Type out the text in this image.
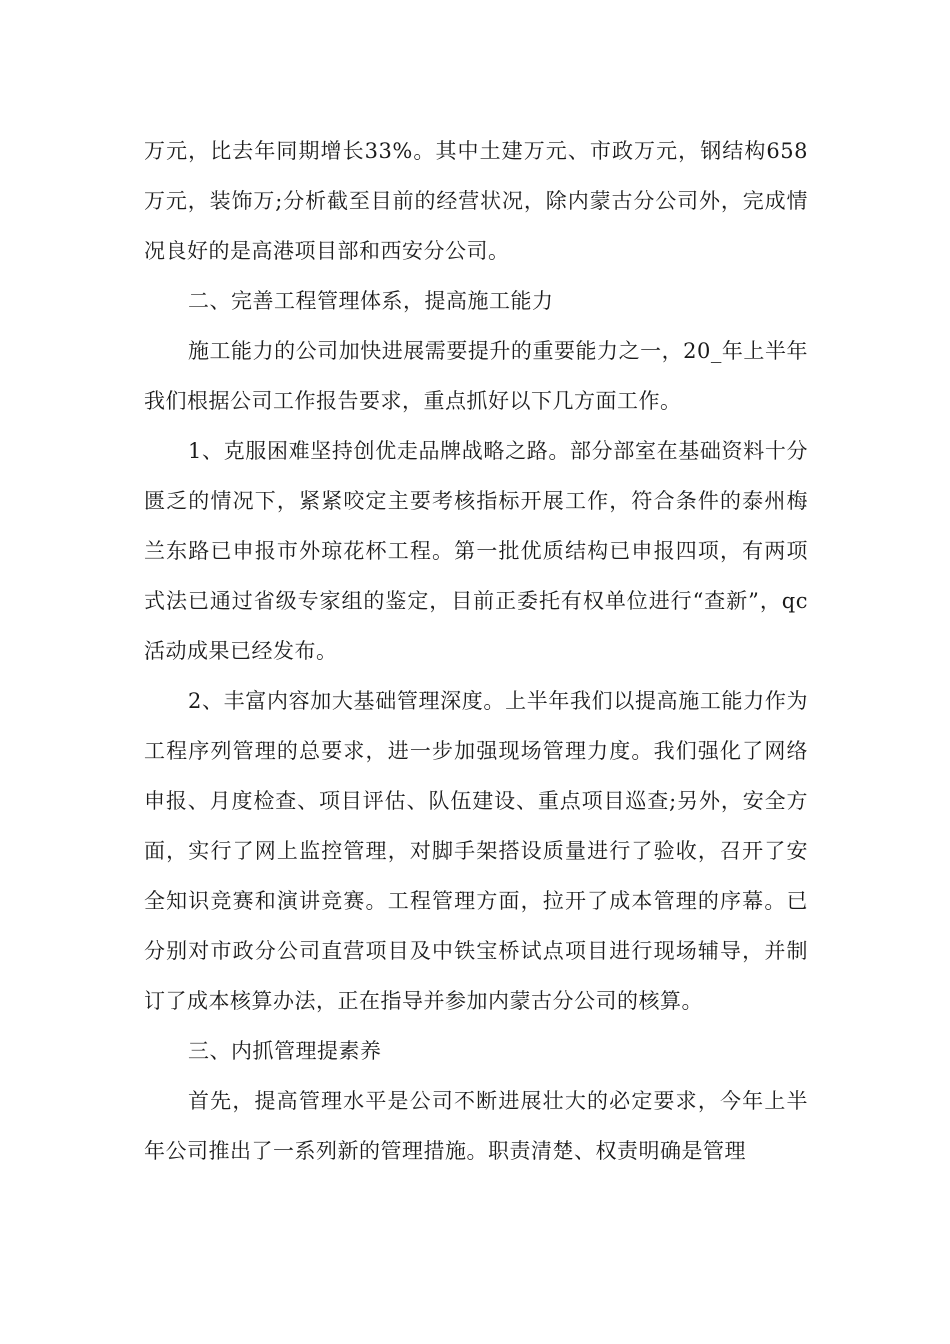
万元，比去年同期增长33%。其中土建万元、市政万元，钢结构658万元，装饰万;分析截至目前的经营状况，除内蒙古分公司外，完成情况良好的是高港项目部和西安分公司。

二、完善工程管理体系，提高施工能力

施工能力的公司加快进展需要提升的重要能力之一，20_年上半年我们根据公司工作报告要求，重点抓好以下几方面工作。

1、克服困难坚持创优走品牌战略之路。部分部室在基础资料十分匮乏的情况下，紧紧咬定主要考核指标开展工作，符合条件的泰州梅兰东路已申报市外琼花杯工程。第一批优质结构已申报四项，有两项式法已通过省级专家组的鉴定，目前正委托有权单位进行“查新”，qc活动成果已经发布。

2、丰富内容加大基础管理深度。上半年我们以提高施工能力作为工程序列管理的总要求，进一步加强现场管理力度。我们强化了网络申报、月度检查、项目评估、队伍建设、重点项目巡查;另外，安全方面，实行了网上监控管理，对脚手架搭设质量进行了验收，召开了安全知识竞赛和演讲竞赛。工程管理方面，拉开了成本管理的序幕。已分别对市政分公司直营项目及中铁宝桥试点项目进行现场辅导，并制订了成本核算办法，正在指导并参加内蒙古分公司的核算。

三、内抓管理提素养

首先，提高管理水平是公司不断进展壮大的必定要求，今年上半年公司推出了一系列新的管理措施。职责清楚、权责明确是管理
